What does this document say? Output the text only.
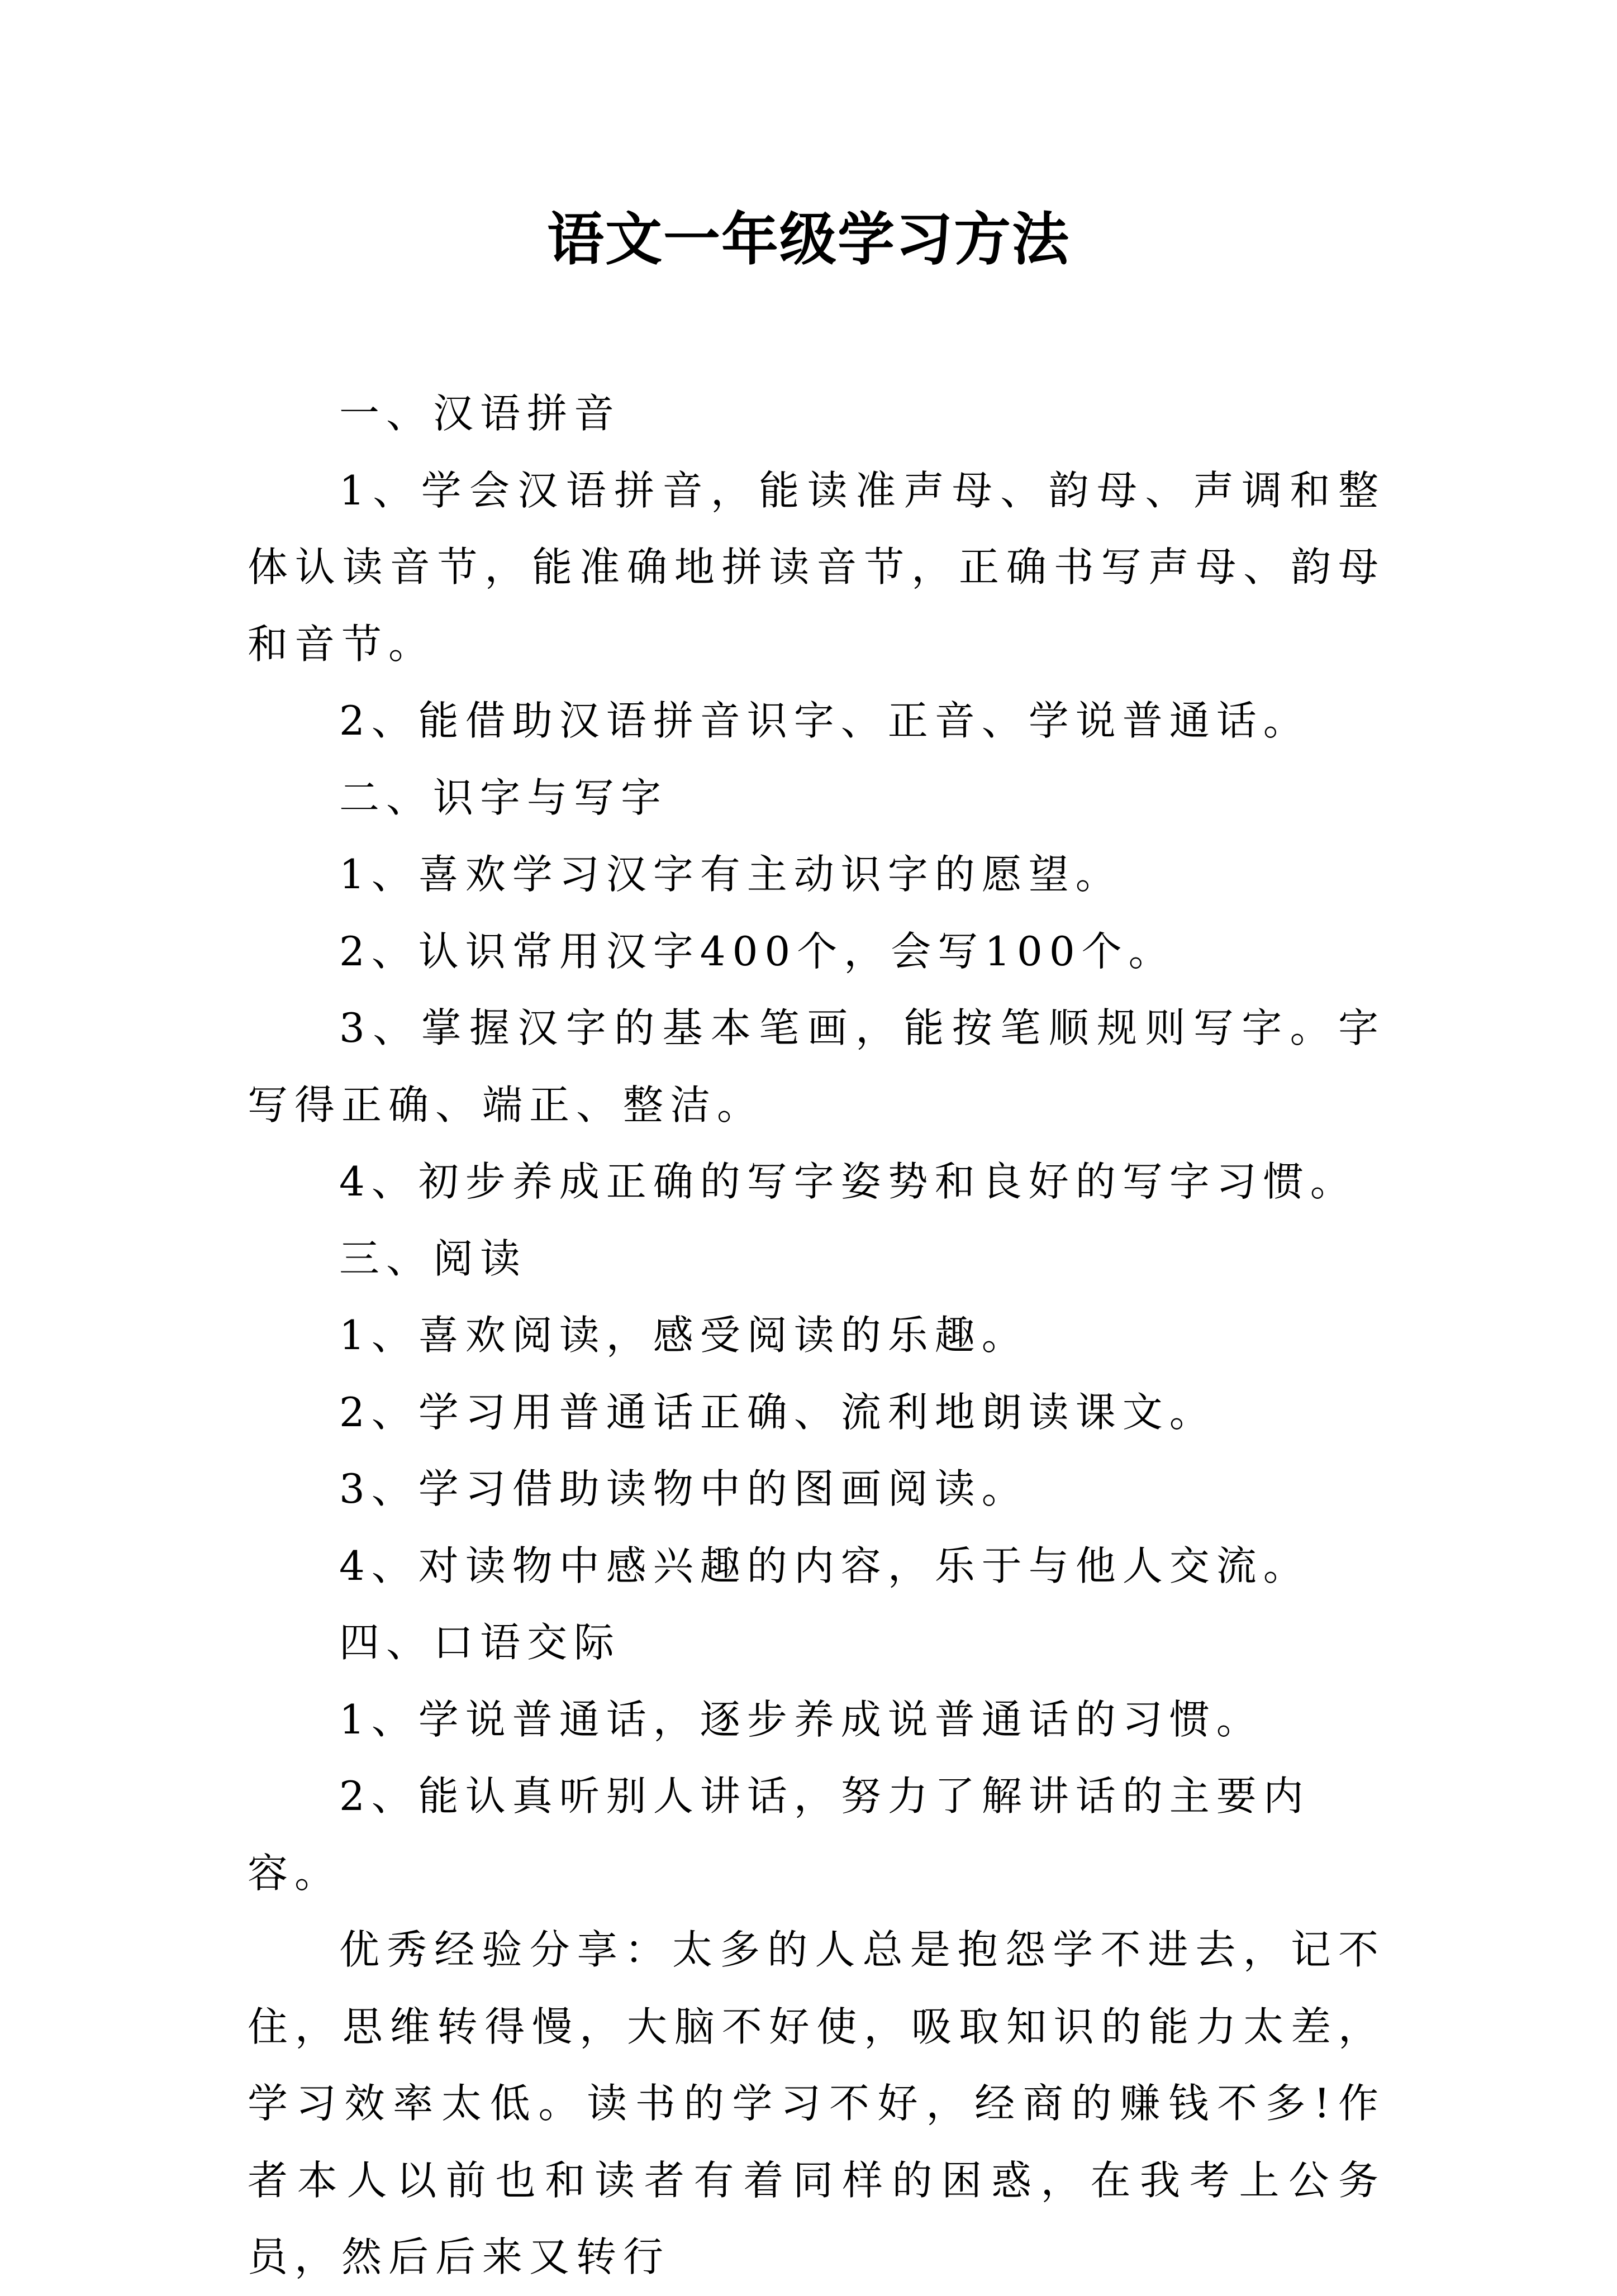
语文一年级学习方法

一、汉语拼音

1、学会汉语拼音，能读准声母、韵母、声调和整体认读音节，能准确地拼读音节，正确书写声母、韵母和音节。

2、能借助汉语拼音识字、正音、学说普通话。

二、识字与写字

1、喜欢学习汉字有主动识字的愿望。

2、认识常用汉字400个，会写100个。

3、掌握汉字的基本笔画，能按笔顺规则写字。字写得正确、端正、整洁。

4、初步养成正确的写字姿势和良好的写字习惯。

三、阅读

1、喜欢阅读，感受阅读的乐趣。

2、学习用普通话正确、流利地朗读课文。

3、学习借助读物中的图画阅读。

4、对读物中感兴趣的内容，乐于与他人交流。

四、口语交际

1、学说普通话，逐步养成说普通话的习惯。

2、能认真听别人讲话，努力了解讲话的主要内容。

优秀经验分享：太多的人总是抱怨学不进去，记不住，思维转得慢，大脑不好使，吸取知识的能力太差，学习效率太低。读书的学习不好，经商的赚钱不多!作者本人以前也和读者有着同样的困惑，在我考上公务员，然后后来又转行
